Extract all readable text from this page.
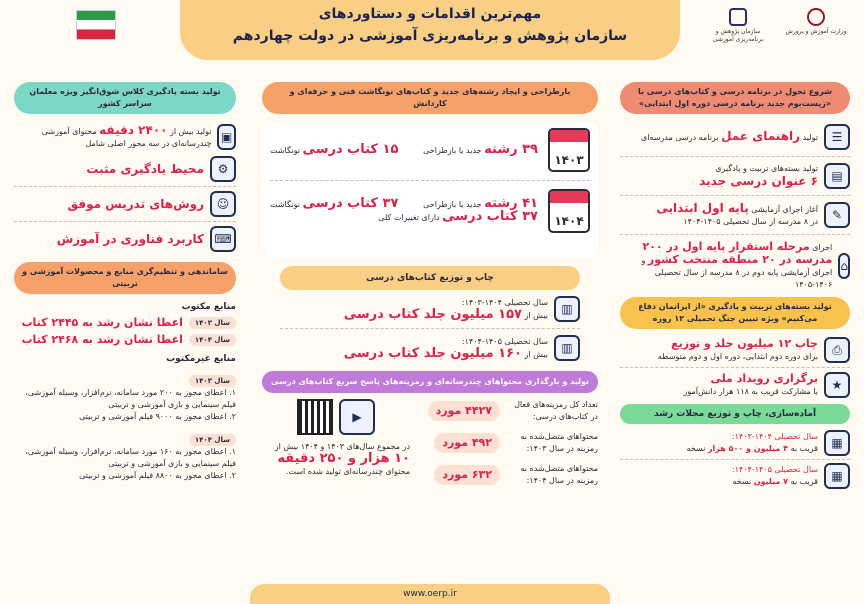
مهم‌ترین اقدامات و دستاوردهای
سازمان پژوهش و برنامه‌ریزی آموزشی در دولت چهاردهم	وزارت آموزش و پرورش
سازمان پژوهش و برنامه‌ریزی آموزشی
شروع تحول در برنامه درسی و کتاب‌های درسی با «زیست‌بوم جدید برنامه درسی دوره اول ابتدایی»
☰
تولید راهنمای عمل برنامه درسی مدرسه‌ای
▤
تولید بسته‌های تربیت و یادگیری
۶ عنوان درسی جدید
✎
آغاز اجرای آزمایشی پایه اول ابتدایی
در ۸ مدرسه از سال تحصیلی ۱۴۰۵-۱۴۰۴
⌂
اجرای مرحله استقرار پایه اول در ۲۰۰ مدرسه در ۲۰ منطقه منتخب کشور و اجرای آزمایشی پایه دوم در ۸ مدرسه از سال تحصیلی ۱۴۰۶-۱۴۰۵
تولید بسته‌های تربیت و یادگیری «از ایرانمان دفاع می‌کنیم» ویژه تبیین جنگ تحمیلی ۱۲ روزه
⎙
چاپ ۱۲ میلیون جلد و توزیع
برای دوره دوم ابتدایی، دوره اول و دوم متوسطه
★
برگزاری رویداد ملی
با مشارکت قریب به ۱۱۸ هزار دانش‌آموز
آماده‌سازی، چاپ و توزیع مجلات رشد
▦
سال تحصیلی ۱۴۰۴-۱۴۰۳:
قریب به ۴ میلیون و ۵۰۰ هزار نسخه
▦
سال تحصیلی ۱۴۰۵-۱۴۰۴:
قریب به ۷ میلیون نسخه
بازطراحی و ایجاد رشته‌های جدید و کتاب‌های نونگاشت فنی و حرفه‌ای و کاردانش
۱۴۰۳
۳۹ رشته جدید یا بازطراحی
۱۵ کتاب درسی نونگاشت
۱۴۰۴
۴۱ رشته جدید یا بازطراحی
۳۷ کتاب درسی نونگاشت
۳۷ کتاب درسی دارای تغییرات کلی
چاپ و توزیع کتاب‌های درسی
▥
سال تحصیلی ۱۴۰۴-۱۴۰۳:
بیش از ۱۵۷ میلیون جلد کتاب درسی
▥
سال تحصیلی ۱۴۰۵-۱۴۰۴:
بیش از ۱۶۰ میلیون جلد کتاب درسی
تولید و بارگذاری محتواهای چندرسانه‌ای و رمزینه‌های پاسخ سریع کتاب‌های درسی
تعداد کل رمزینه‌های فعال در کتاب‌های درسی:
۴۴۲۷ مورد
محتواهای متصل‌شده به رمزینه در سال ۱۴۰۳:
۴۹۲ مورد
محتواهای متصل‌شده به رمزینه در سال ۱۴۰۴:
۶۳۲ مورد
▶
در مجموع سال‌های ۱۴۰۳ و ۱۴۰۴ بیش از ۱۰ هزار و ۲۵۰ دقیقه محتوای چندرسانه‌ای تولید شده است.
تولید بسته یادگیری کلاس شوق‌انگیز ویژه معلمان سراسر کشور
▣
تولید بیش از ۲۴۰۰ دقیقه محتوای آموزشی چندرسانه‌ای در سه محور اصلی شامل
⚙
محیط یادگیری مثبت
☺
روش‌های تدریس موفق
⌨
کاربرد فناوری در آموزش
ساماندهی و تنظیم‌گری منابع و محصولات آموزشی و تربیتی
منابع مکتوب
سال ۱۴۰۳
اعطا نشان رشد به ۲۴۴۵ کتاب
سال ۱۴۰۴
اعطا نشان رشد به ۲۴۶۸ کتاب
منابع غیرمکتوب
سال ۱۴۰۳
۱. اعطای مجوز به ۲۰۰ مورد سامانه، نرم‌افزار، وسیله آموزشی، فیلم سینمایی و بازی آموزشی و تربیتی
۲. اعطای مجوز به ۹۰۰۰ فیلم آموزشی و تربیتی
سال ۱۴۰۴
۱. اعطای مجوز به ۱۶۰ مورد سامانه، نرم‌افزار، وسیله آموزشی، فیلم سینمایی و بازی آموزشی و تربیتی
۲. اعطای مجوز به ۸۸۰۰ فیلم آموزشی و تربیتی
www.oerp.ir
